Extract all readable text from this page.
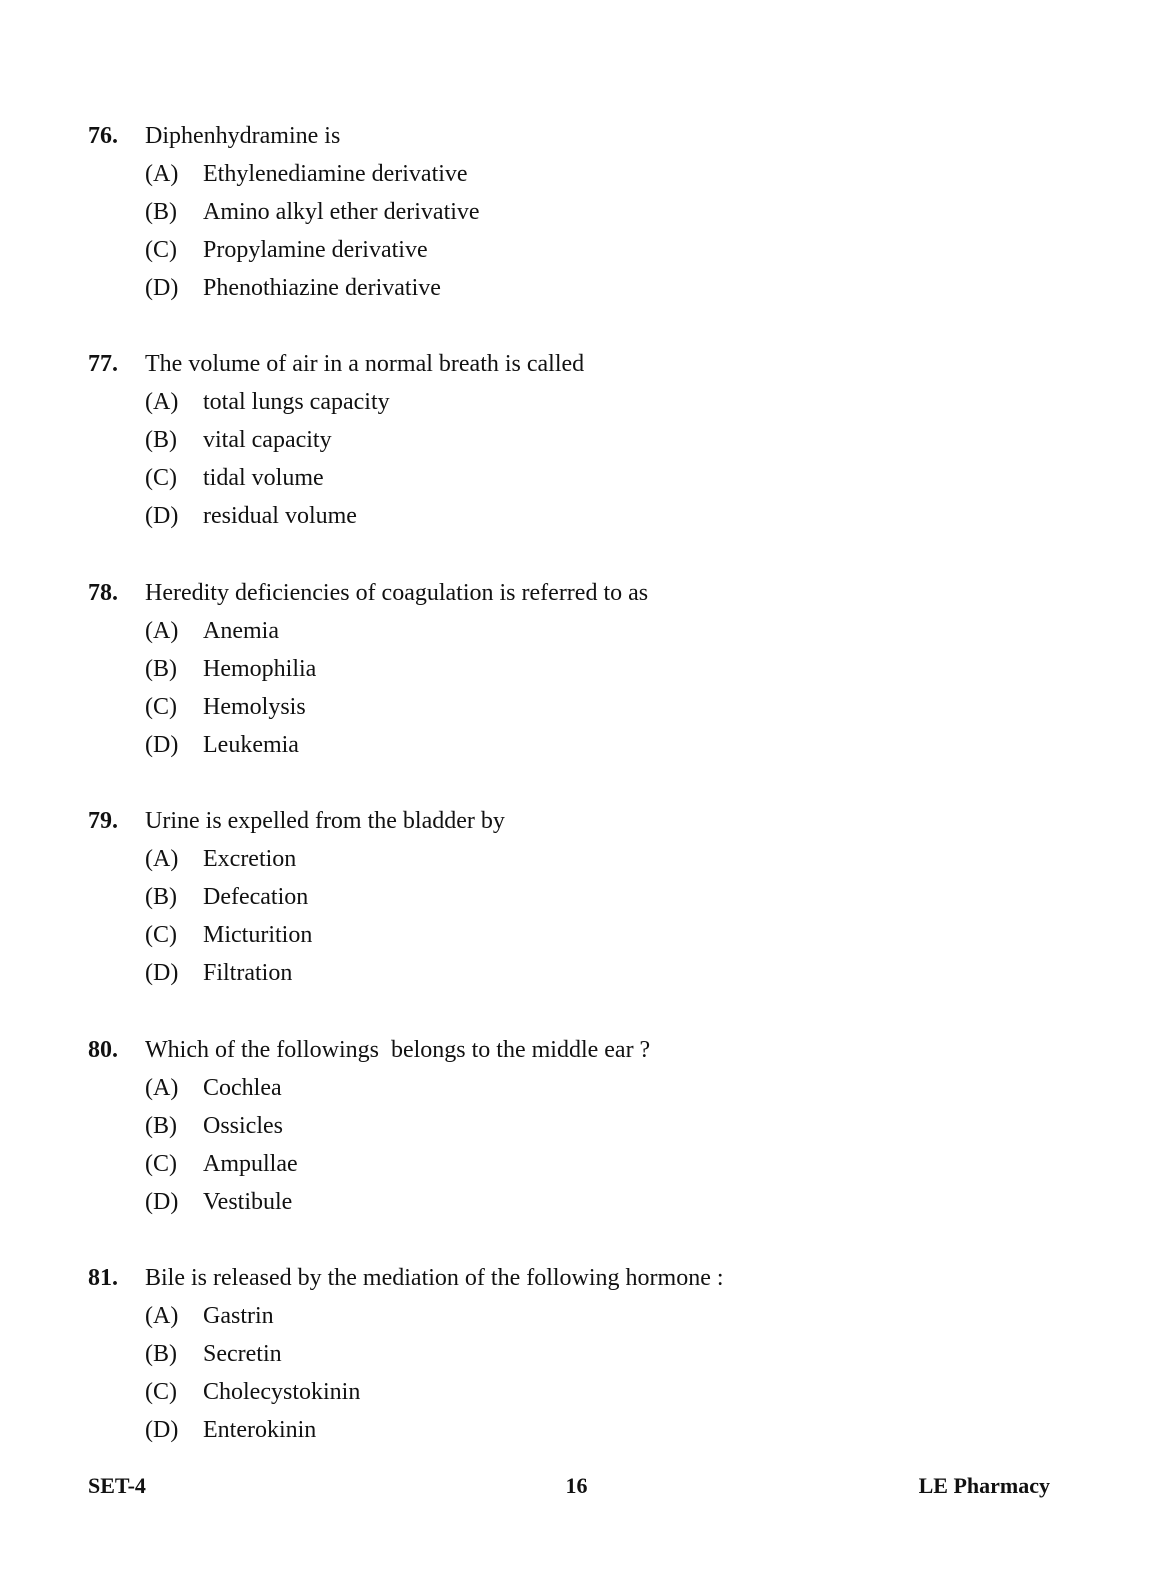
76. Diphenhydramine is
(A) Ethylenediamine derivative
(B) Amino alkyl ether derivative
(C) Propylamine derivative
(D) Phenothiazine derivative
77. The volume of air in a normal breath is called
(A) total lungs capacity
(B) vital capacity
(C) tidal volume
(D) residual volume
78. Heredity deficiencies of coagulation is referred to as
(A) Anemia
(B) Hemophilia
(C) Hemolysis
(D) Leukemia
79. Urine is expelled from the bladder by
(A) Excretion
(B) Defecation
(C) Micturition
(D) Filtration
80. Which of the followings  belongs to the middle ear ?
(A) Cochlea
(B) Ossicles
(C) Ampullae
(D) Vestibule
81. Bile is released by the mediation of the following hormone :
(A) Gastrin
(B) Secretin
(C) Cholecystokinin
(D) Enterokinin
16
SET-4	LE Pharmacy
